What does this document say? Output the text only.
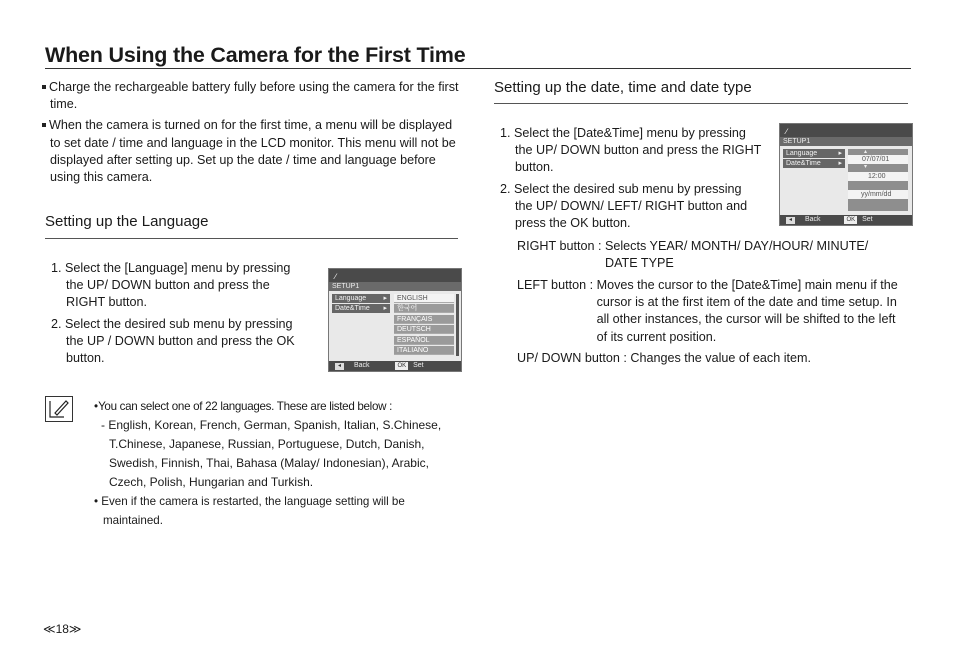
When Using the Camera for the First Time
Charge the rechargeable battery fully before using the camera for the first time.
When the camera is turned on for the first time, a menu will be displayed to set date / time and language in the LCD monitor. This menu will not be displayed after setting up. Set up the date / time and language before using this camera.
Setting up the Language
1. Select the [Language] menu by pressing the UP/ DOWN button and press the RIGHT button.
2. Select the desired sub menu by pressing the UP / DOWN button and press the OK button.
∕
SETUP1
Language ▸
Date&Time ▸
ENGLISH
한국어
FRANÇAIS
DEUTSCH
ESPAÑOL
ITALIANO
◂ Back	OK Set
Setting up the date, time and date type
1. Select the [Date&Time] menu by pressing the UP/ DOWN button and press the RIGHT button.
2. Select the desired sub menu by pressing the UP/ DOWN/ LEFT/ RIGHT button and press the OK button.
∕
SETUP1
Language	▸
Date&Time	▸
▴
07/07/01
▾
12:00
yy/mm/dd
◂ Back	OK Set
RIGHT button : Selects YEAR/ MONTH/ DAY/HOUR/ MINUTE/ DATE TYPE
LEFT button : Moves the cursor to the [Date&Time] main menu if the cursor is at the first item of the date and time setup. In all other instances, the cursor will be shifted to the left of its current position.
UP/ DOWN button : Changes the value of each item.
•You can select one of 22 languages. These are listed below :
- English, Korean, French, German, Spanish, Italian, S.Chinese, T.Chinese, Japanese, Russian, Portuguese, Dutch, Danish, Swedish, Finnish, Thai, Bahasa (Malay/ Indonesian), Arabic, Czech, Polish, Hungarian and Turkish.
• Even if the camera is restarted, the language setting will be maintained.
≪18≫
